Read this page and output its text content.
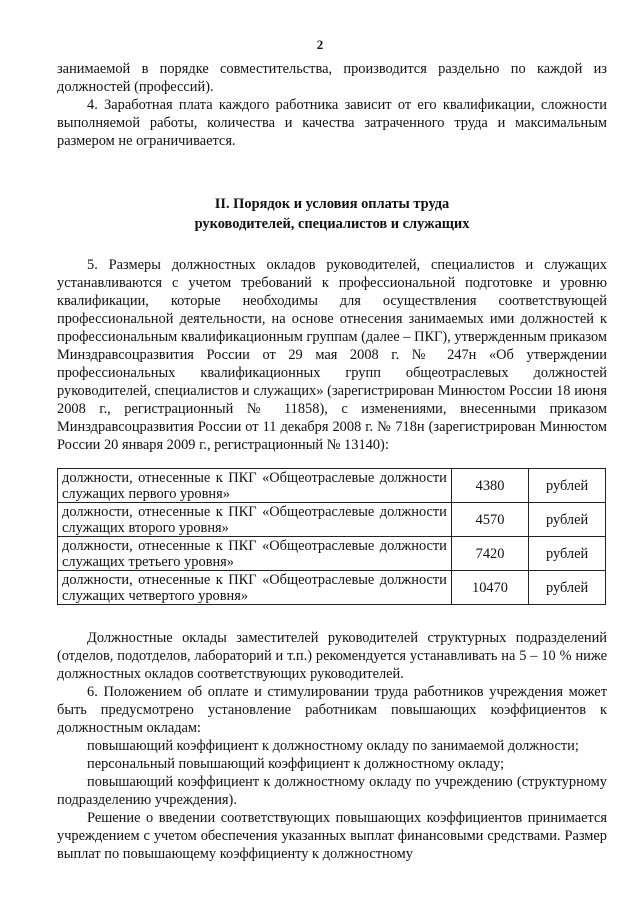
2

занимаемой в порядке совместительства, производится раздельно по каждой из должностей (профессий).

4. Заработная плата каждого работника зависит от его квалификации, сложности выполняемой работы, количества и качества затраченного труда и максимальным размером не ограничивается.

II. Порядок и условия оплаты труда
руководителей, специалистов и служащих

5. Размеры должностных окладов руководителей, специалистов и служащих устанавливаются с учетом требований к профессиональной подготовке и уровню квалификации, которые необходимы для осуществления соответствующей профессиональной деятельности, на основе отнесения занимаемых ими должностей к профессиональным квалификационным группам (далее – ПКГ), утвержденным приказом Минздравсоцразвития России от 29 мая 2008 г. № 247н «Об утверждении профессиональных квалификационных групп общеотраслевых должностей руководителей, специалистов и служащих» (зарегистрирован Минюстом России 18 июня 2008 г., регистрационный № 11858), с изменениями, внесенными приказом Минздравсоцразвития России от 11 декабря 2008 г. № 718н (зарегистрирован Минюстом России 20 января 2009 г., регистрационный № 13140):

должности, отнесенные к ПКГ «Общеотраслевые должности служащих первого уровня»	4380	рублей
должности, отнесенные к ПКГ «Общеотраслевые должности служащих второго уровня»	4570	рублей
должности, отнесенные к ПКГ «Общеотраслевые должности служащих третьего уровня»	7420	рублей
должности, отнесенные к ПКГ «Общеотраслевые должности служащих четвертого уровня»	10470	рублей

Должностные оклады заместителей руководителей структурных подразделений (отделов, подотделов, лабораторий и т.п.) рекомендуется устанавливать на 5 – 10 % ниже должностных окладов соответствующих руководителей.

6. Положением об оплате и стимулировании труда работников учреждения может быть предусмотрено установление работникам повышающих коэффициентов к должностным окладам:

повышающий коэффициент к должностному окладу по занимаемой должности;

персональный повышающий коэффициент к должностному окладу;

повышающий коэффициент к должностному окладу по учреждению (структурному подразделению учреждения).

Решение о введении соответствующих повышающих коэффициентов принимается учреждением с учетом обеспечения указанных выплат финансовыми средствами. Размер выплат по повышающему коэффициенту к должностному
